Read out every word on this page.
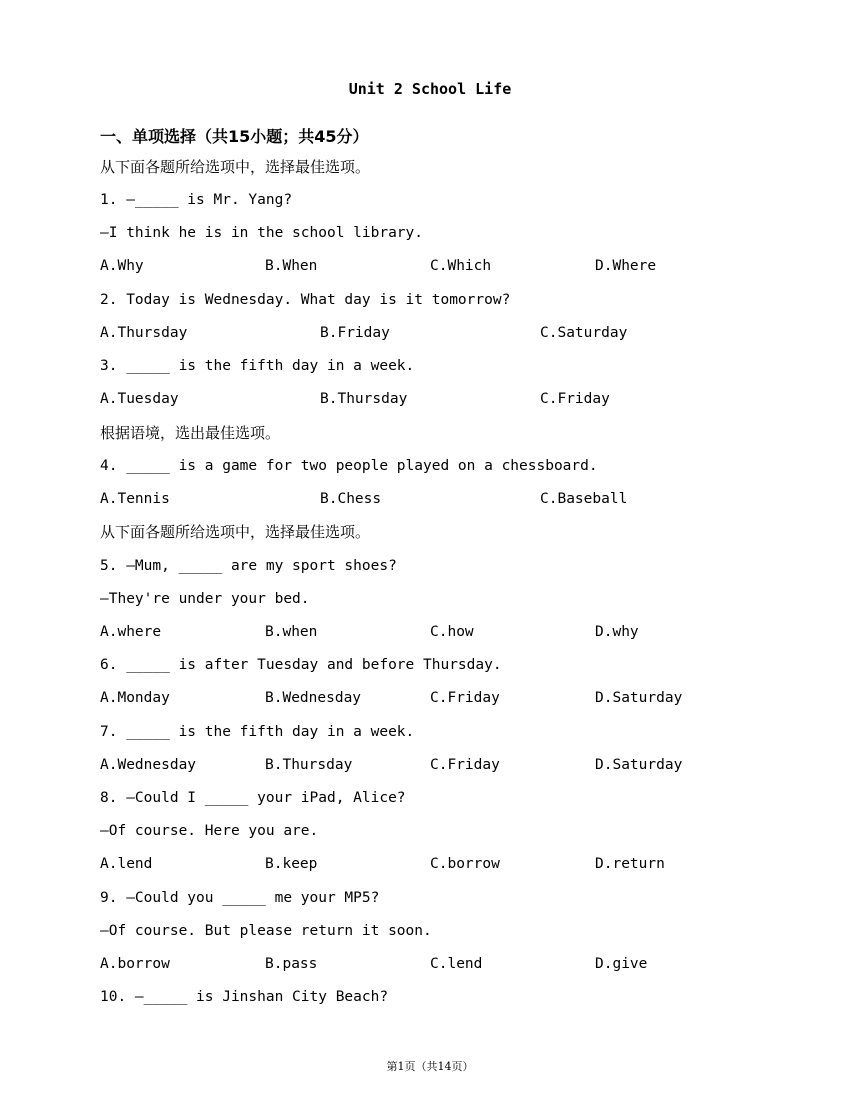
Unit 2 School Life
一、单项选择（共15小题；共45分）
从下面各题所给选项中，选择最佳选项。
1. —_____ is Mr. Yang?
—I think he is in the school library.
A.Why	B.When	C.Which	D.Where
2. Today is Wednesday. What day is it tomorrow?
A.Thursday	B.Friday	C.Saturday
3. _____ is the fifth day in a week.
A.Tuesday	B.Thursday	C.Friday
根据语境，选出最佳选项。
4. _____ is a game for two people played on a chessboard.
A.Tennis	B.Chess	C.Baseball
从下面各题所给选项中，选择最佳选项。
5. —Mum, _____ are my sport shoes?
—They're under your bed.
A.where	B.when	C.how	D.why
6. _____ is after Tuesday and before Thursday.
A.Monday	B.Wednesday	C.Friday	D.Saturday
7. _____ is the fifth day in a week.
A.Wednesday	B.Thursday	C.Friday	D.Saturday
8. —Could I _____ your iPad, Alice?
—Of course. Here you are.
A.lend	B.keep	C.borrow	D.return
9. —Could you _____ me your MP5?
—Of course. But please return it soon.
A.borrow	B.pass	C.lend	D.give
10. —_____ is Jinshan City Beach?
第1页（共14页）
